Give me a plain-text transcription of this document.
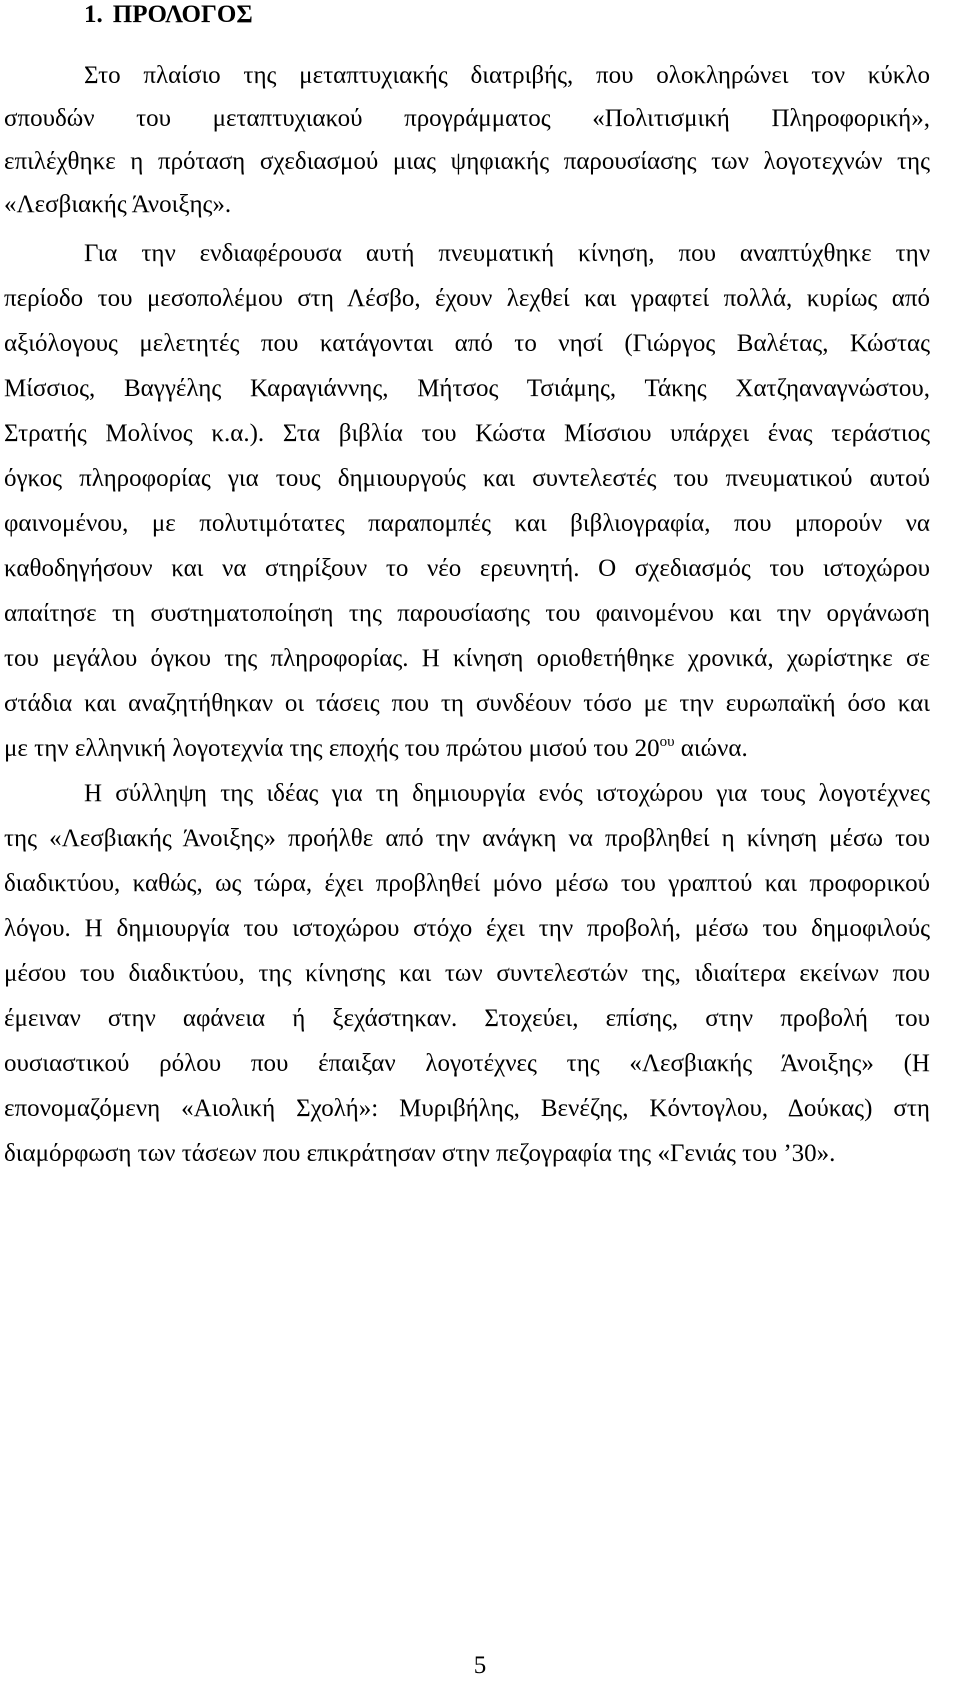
1. ΠΡΟΛΟΓΟΣ
Στο πλαίσιο της μεταπτυχιακής διατριβής, που ολοκληρώνει τον κύκλο
σπουδών του μεταπτυχιακού προγράμματος «Πολιτισμική Πληροφορική»,
επιλέχθηκε η πρόταση σχεδιασμού μιας ψηφιακής παρουσίασης των λογοτεχνών της
«Λεσβιακής Άνοιξης».
Για την ενδιαφέρουσα αυτή πνευματική κίνηση, που αναπτύχθηκε την
περίοδο του μεσοπολέμου στη Λέσβο, έχουν λεχθεί και γραφτεί πολλά, κυρίως από
αξιόλογους μελετητές που κατάγονται από το νησί (Γιώργος Βαλέτας, Κώστας
Μίσσιος, Βαγγέλης Καραγιάννης, Μήτσος Τσιάμης, Τάκης Χατζηαναγνώστου,
Στρατής Μολίνος κ.α.). Στα βιβλία του Κώστα Μίσσιου υπάρχει ένας τεράστιος
όγκος πληροφορίας για τους δημιουργούς και συντελεστές του πνευματικού αυτού
φαινομένου, με πολυτιμότατες παραπομπές και βιβλιογραφία, που μπορούν να
καθοδηγήσουν και να στηρίξουν το νέο ερευνητή. Ο σχεδιασμός του ιστοχώρου
απαίτησε τη συστηματοποίηση της παρουσίασης του φαινομένου και την οργάνωση
του μεγάλου όγκου της πληροφορίας. Η κίνηση οριοθετήθηκε χρονικά, χωρίστηκε σε
στάδια και αναζητήθηκαν οι τάσεις που τη συνδέουν τόσο με την ευρωπαϊκή όσο και
με την ελληνική λογοτεχνία της εποχής του πρώτου μισού του $20^{o\upsilon}$ αιώνα.
Η σύλληψη της ιδέας για τη δημιουργία ενός ιστοχώρου για τους λογοτέχνες
της «Λεσβιακής Άνοιξης» προήλθε από την ανάγκη να προβληθεί η κίνηση μέσω του
διαδικτύου, καθώς, ως τώρα, έχει προβληθεί μόνο μέσω του γραπτού και προφορικού
λόγου. Η δημιουργία του ιστοχώρου στόχο έχει την προβολή, μέσω του δημοφιλούς
μέσου του διαδικτύου, της κίνησης και των συντελεστών της, ιδιαίτερα εκείνων που
έμειναν στην αφάνεια ή ξεχάστηκαν. Στοχεύει, επίσης, στην προβολή του
ουσιαστικού ρόλου που έπαιξαν λογοτέχνες της «Λεσβιακής Άνοιξης» (Η
επονομαζόμενη «Αιολική Σχολή»: Μυριβήλης, Βενέζης, Κόντογλου, Δούκας) στη
διαμόρφωση των τάσεων που επικράτησαν στην πεζογραφία της «Γενιάς του ’30».
5
